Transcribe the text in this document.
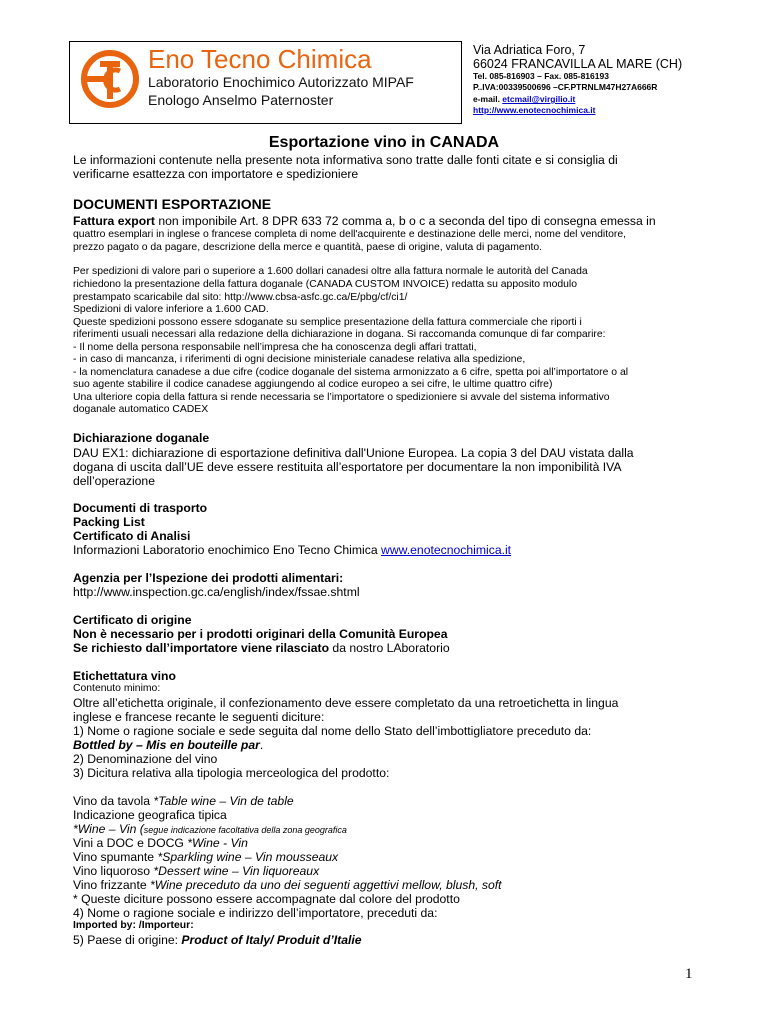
Eno Tecno Chimica
Laboratorio Enochimico Autorizzato MIPAF
Enologo Anselmo Paternoster
Via Adriatica Foro, 7
66024 FRANCAVILLA AL MARE (CH)
Tel. 085-816903 – Fax. 085-816193
P..IVA:00339500696 –CF.PTRNLM47H27A666R
e-mail. etcmail@virgilio.it
http://www.enotecnochimica.it
Esportazione vino in CANADA
Le informazioni contenute nella presente nota informativa sono tratte dalle fonti citate e si consiglia di
verificarne esattezza con importatore e spedizioniere
DOCUMENTI ESPORTAZIONE
Fattura export non imponibile Art. 8 DPR 633 72 comma a, b o c a seconda del tipo di consegna emessa in
quattro esemplari in inglese o francese completa di nome dell'acquirente e destinazione delle merci, nome del venditore,
prezzo pagato o da pagare, descrizione della merce e quantità, paese di origine, valuta di pagamento.
Per spedizioni di valore pari o superiore a 1.600 dollari canadesi oltre alla fattura normale le autorità del Canada
richiedono la presentazione della fattura doganale (CANADA CUSTOM INVOICE) redatta su apposito modulo
prestampato scaricabile dal sito: http://www.cbsa-asfc.gc.ca/E/pbg/cf/ci1/
Spedizioni di valore inferiore a 1.600 CAD.
Queste spedizioni possono essere sdoganate su semplice presentazione della fattura commerciale che riporti i
riferimenti usuali necessari alla redazione della dichiarazione in dogana. Si raccomanda comunque di far comparire:
- Il nome della persona responsabile nell’impresa che ha conoscenza degli affari trattati,
- in caso di mancanza, i riferimenti di ogni decisione ministeriale canadese relativa alla spedizione,
- la nomenclatura canadese a due cifre (codice doganale del sistema armonizzato a 6 cifre, spetta poi all’importatore o al
suo agente stabilire il codice canadese aggiungendo al codice europeo a sei cifre, le ultime quattro cifre)
Una ulteriore copia della fattura si rende necessaria se l’importatore o spedizioniere si avvale del sistema informativo
doganale automatico CADEX
Dichiarazione doganale
DAU EX1: dichiarazione di esportazione definitiva dall'Unione Europea. La copia 3 del DAU vistata dalla
dogana di uscita dall’UE deve essere restituita all’esportatore per documentare la non imponibilità IVA
dell’operazione
Documenti di trasporto
Packing List
Certificato di Analisi
Informazioni Laboratorio enochimico Eno Tecno Chimica www.enotecnochimica.it
Agenzia per l’Ispezione dei prodotti alimentari:
http://www.inspection.gc.ca/english/index/fssae.shtml
Certificato di origine
Non è necessario per i prodotti originari della Comunità Europea
Se richiesto dall’importatore viene rilasciato da nostro LAboratorio
Etichettatura vino
Contenuto minimo:
Oltre all’etichetta originale, il confezionamento deve essere completato da una retroetichetta in lingua
inglese e francese recante le seguenti diciture:
1) Nome o ragione sociale e sede seguita dal nome dello Stato dell’imbottigliatore preceduto da:
Bottled by – Mis en bouteille par.
2) Denominazione del vino
3) Dicitura relativa alla tipologia merceologica del prodotto:
Vino da tavola *Table wine – Vin de table
Indicazione geografica tipica
*Wine – Vin (segue indicazione facoltativa della zona geografica
Vini a DOC e DOCG *Wine - Vin
Vino spumante *Sparkling wine – Vin mousseaux
Vino liquoroso *Dessert wine – Vin liquoreaux
Vino frizzante *Wine preceduto da uno dei seguenti aggettivi mellow, blush, soft
* Queste diciture possono essere accompagnate dal colore del prodotto
4) Nome o ragione sociale e indirizzo dell’importatore, preceduti da:
Imported by: /Importeur:
5) Paese di origine: Product of Italy/ Produit d’Italie
1
